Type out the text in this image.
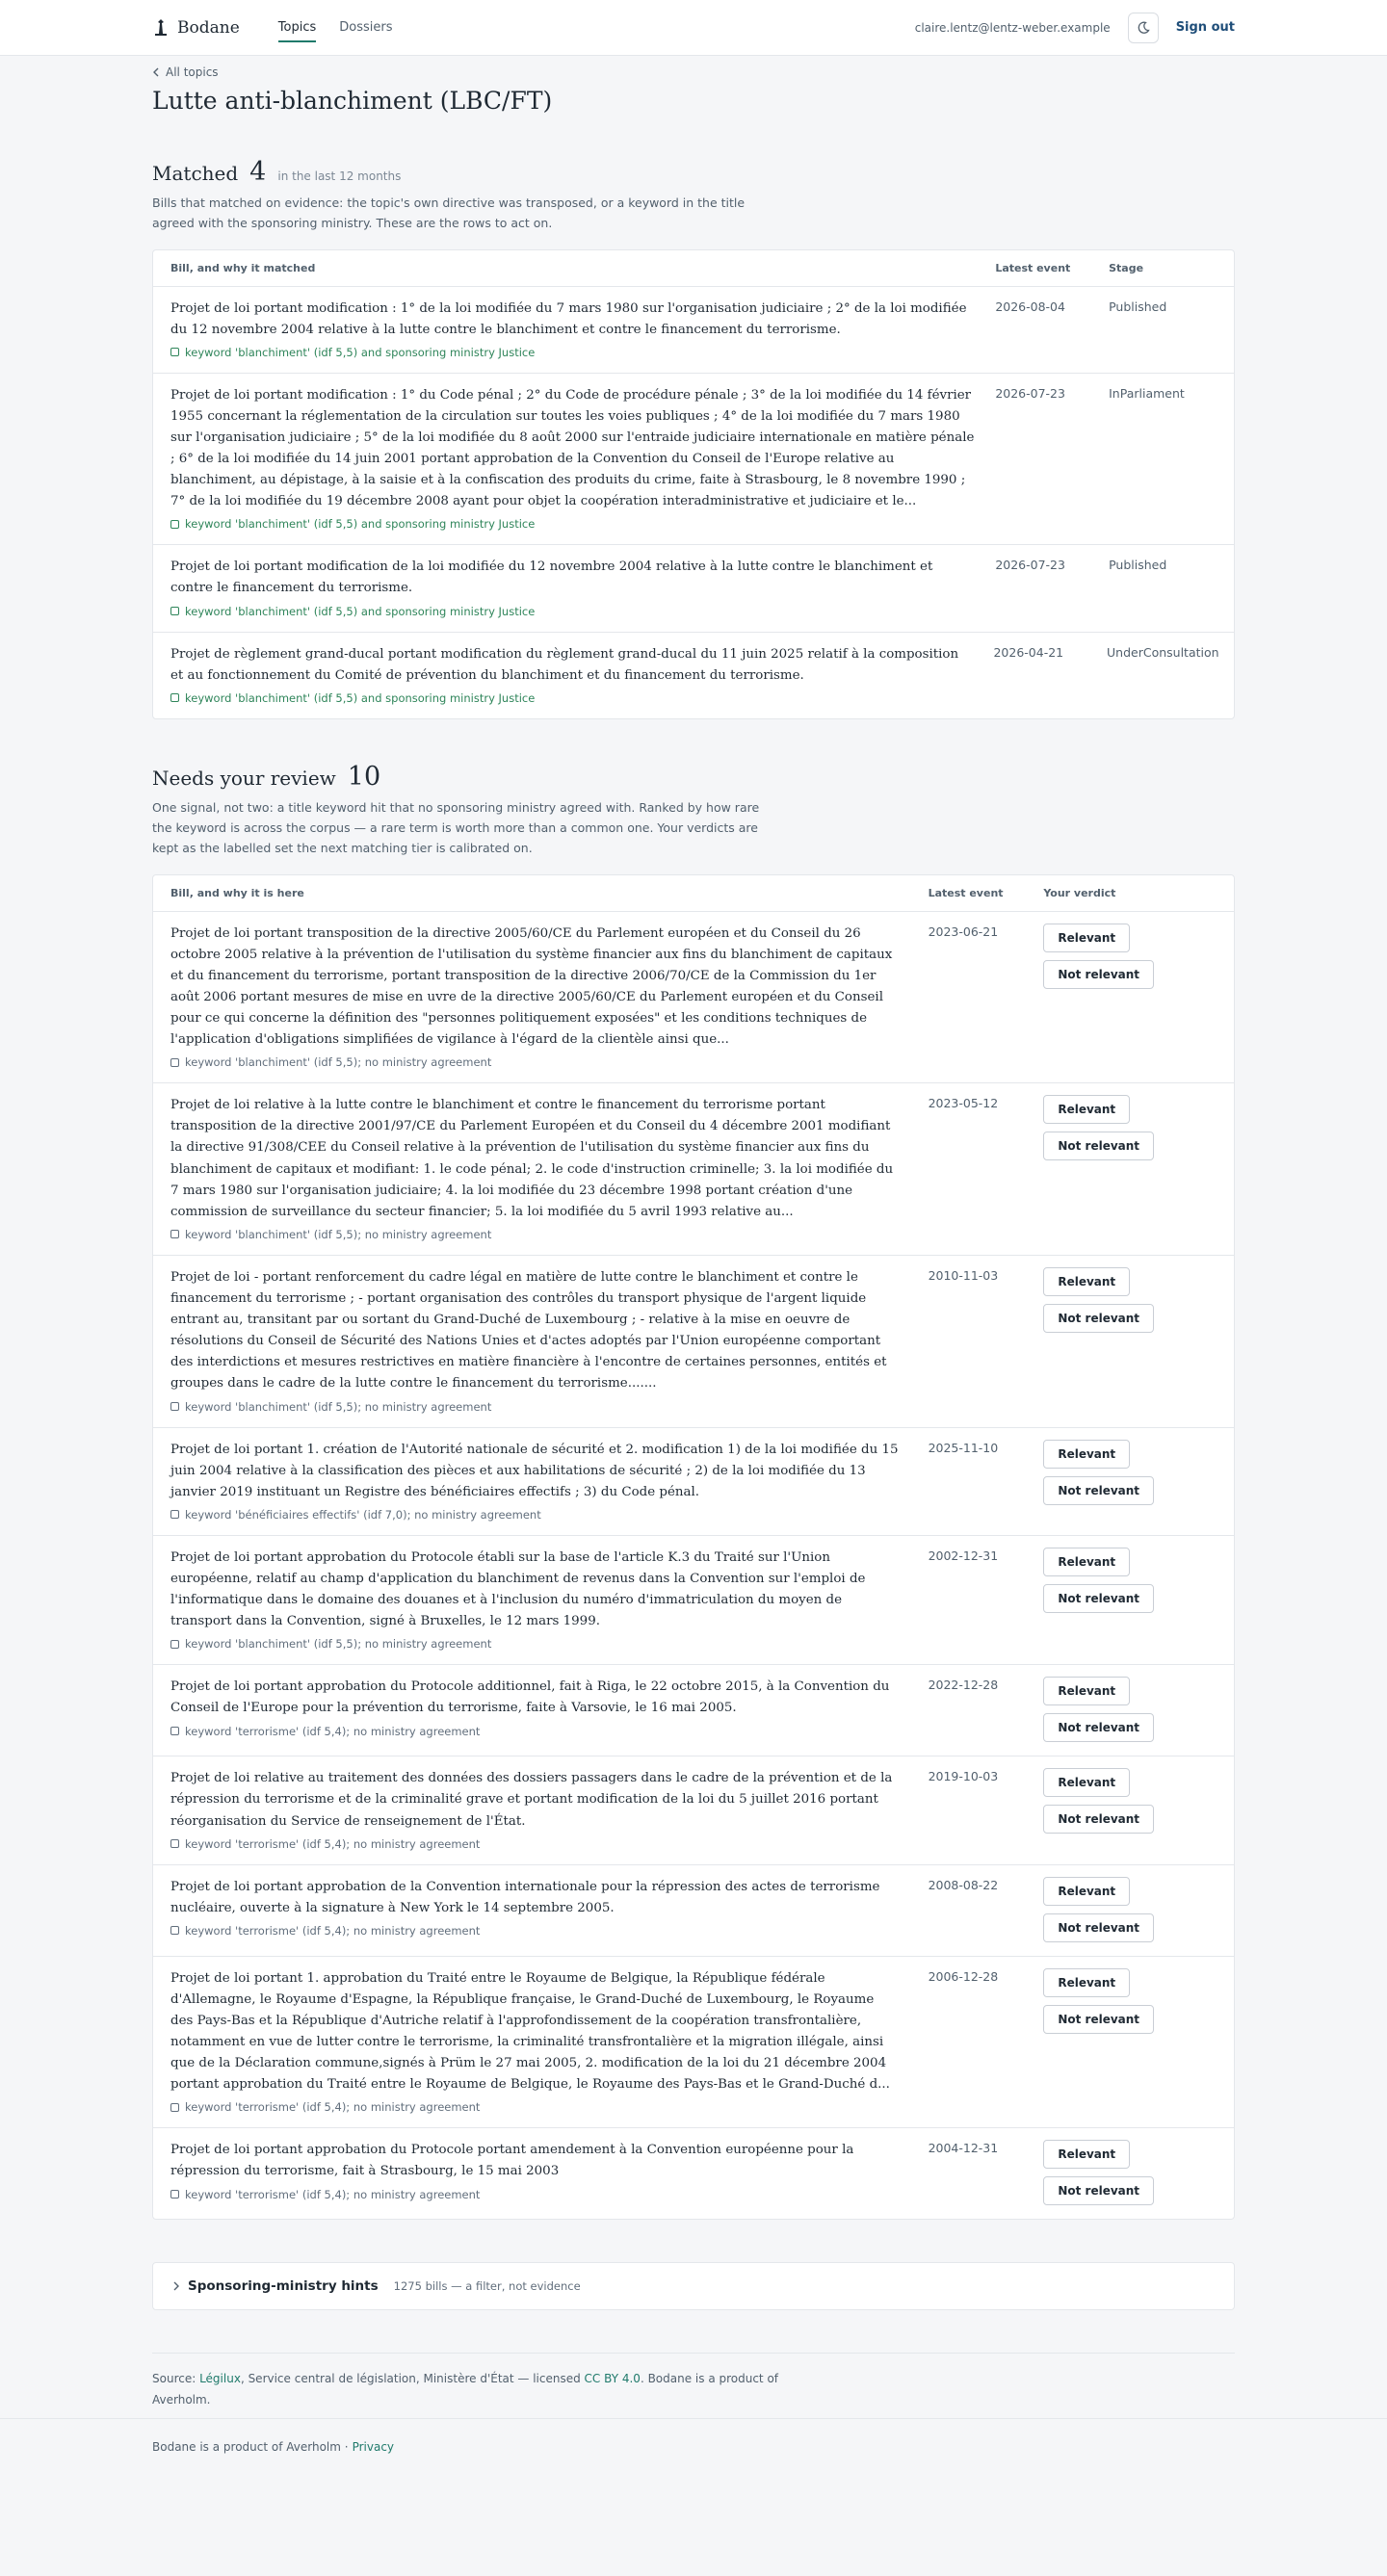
Bodane	Topics Dossiers	claire.lentz@lentz-weber.example	Sign out
All topics
Lutte anti-blanchiment (LBC/FT)
Matched 4 in the last 12 months

Bills that matched on evidence: the topic's own directive was transposed, or a keyword in the title agreed with the sponsoring ministry. These are the rows to act on.

Bill, and why it matched	Latest event	Stage
Projet de loi portant modification : 1° de la loi modifiée du 7 mars 1980 sur l'organisation judiciaire ; 2° de la loi modifiée du 12 novembre 2004 relative à la lutte contre le blanchiment et contre le financement du terrorisme.
keyword 'blanchiment' (idf 5,5) and sponsoring ministry Justice
2026-08-04	Published
Projet de loi portant modification : 1° du Code pénal ; 2° du Code de procédure pénale ; 3° de la loi modifiée du 14 février 1955 concernant la réglementation de la circulation sur toutes les voies publiques ; 4° de la loi modifiée du 7 mars 1980 sur l'organisation judiciaire ; 5° de la loi modifiée du 8 août 2000 sur l'entraide judiciaire internationale en matière pénale ; 6° de la loi modifiée du 14 juin 2001 portant approbation de la Convention du Conseil de l'Europe relative au blanchiment, au dépistage, à la saisie et à la confiscation des produits du crime, faite à Strasbourg, le 8 novembre 1990 ; 7° de la loi modifiée du 19 décembre 2008 ayant pour objet la coopération interadministrative et judiciaire et le...
keyword 'blanchiment' (idf 5,5) and sponsoring ministry Justice
2026-07-23	InParliament
Projet de loi portant modification de la loi modifiée du 12 novembre 2004 relative à la lutte contre le blanchiment et contre le financement du terrorisme.
keyword 'blanchiment' (idf 5,5) and sponsoring ministry Justice
2026-07-23	Published
Projet de règlement grand-ducal portant modification du règlement grand-ducal du 11 juin 2025 relatif à la composition et au fonctionnement du Comité de prévention du blanchiment et du financement du terrorisme.
keyword 'blanchiment' (idf 5,5) and sponsoring ministry Justice
2026-04-21	UnderConsultation
Needs your review 10

One signal, not two: a title keyword hit that no sponsoring ministry agreed with. Ranked by how rare the keyword is across the corpus — a rare term is worth more than a common one. Your verdicts are kept as the labelled set the next matching tier is calibrated on.

Bill, and why it is here	Latest event	Your verdict
Projet de loi portant transposition de la directive 2005/60/CE du Parlement européen et du Conseil du 26 octobre 2005 relative à la prévention de l'utilisation du système financier aux fins du blanchiment de capitaux et du financement du terrorisme, portant transposition de la directive 2006/70/CE de la Commission du 1er août 2006 portant mesures de mise en uvre de la directive 2005/60/CE du Parlement européen et du Conseil pour ce qui concerne la définition des "personnes politiquement exposées" et les conditions techniques de l'application d'obligations simplifiées de vigilance à l'égard de la clientèle ainsi que...
keyword 'blanchiment' (idf 5,5); no ministry agreement
2023-06-21	Relevant
Not relevant
Projet de loi relative à la lutte contre le blanchiment et contre le financement du terrorisme portant transposition de la directive 2001/97/CE du Parlement Européen et du Conseil du 4 décembre 2001 modifiant la directive 91/308/CEE du Conseil relative à la prévention de l'utilisation du système financier aux fins du blanchiment de capitaux et modifiant: 1. le code pénal; 2. le code d'instruction criminelle; 3. la loi modifiée du 7 mars 1980 sur l'organisation judiciaire; 4. la loi modifiée du 23 décembre 1998 portant création d'une commission de surveillance du secteur financier; 5. la loi modifiée du 5 avril 1993 relative au...
keyword 'blanchiment' (idf 5,5); no ministry agreement
2023-05-12	Relevant
Not relevant
Projet de loi - portant renforcement du cadre légal en matière de lutte contre le blanchiment et contre le financement du terrorisme ; - portant organisation des contrôles du transport physique de l'argent liquide entrant au, transitant par ou sortant du Grand-Duché de Luxembourg ; - relative à la mise en oeuvre de résolutions du Conseil de Sécurité des Nations Unies et d'actes adoptés par l'Union européenne comportant des interdictions et mesures restrictives en matière financière à l'encontre de certaines personnes, entités et groupes dans le cadre de la lutte contre le financement du terrorisme.......
keyword 'blanchiment' (idf 5,5); no ministry agreement
2010-11-03	Relevant
Not relevant
Projet de loi portant 1. création de l'Autorité nationale de sécurité et 2. modification 1) de la loi modifiée du 15 juin 2004 relative à la classification des pièces et aux habilitations de sécurité ; 2) de la loi modifiée du 13 janvier 2019 instituant un Registre des bénéficiaires effectifs ; 3) du Code pénal.
keyword 'bénéficiaires effectifs' (idf 7,0); no ministry agreement
2025-11-10	Relevant
Not relevant
Projet de loi portant approbation du Protocole établi sur la base de l'article K.3 du Traité sur l'Union européenne, relatif au champ d'application du blanchiment de revenus dans la Convention sur l'emploi de l'informatique dans le domaine des douanes et à l'inclusion du numéro d'immatriculation du moyen de transport dans la Convention, signé à Bruxelles, le 12 mars 1999.
keyword 'blanchiment' (idf 5,5); no ministry agreement
2002-12-31	Relevant
Not relevant
Projet de loi portant approbation du Protocole additionnel, fait à Riga, le 22 octobre 2015, à la Convention du Conseil de l'Europe pour la prévention du terrorisme, faite à Varsovie, le 16 mai 2005.
keyword 'terrorisme' (idf 5,4); no ministry agreement
2022-12-28	Relevant
Not relevant
Projet de loi relative au traitement des données des dossiers passagers dans le cadre de la prévention et de la répression du terrorisme et de la criminalité grave et portant modification de la loi du 5 juillet 2016 portant réorganisation du Service de renseignement de l'État.
keyword 'terrorisme' (idf 5,4); no ministry agreement
2019-10-03	Relevant
Not relevant
Projet de loi portant approbation de la Convention internationale pour la répression des actes de terrorisme nucléaire, ouverte à la signature à New York le 14 septembre 2005.
keyword 'terrorisme' (idf 5,4); no ministry agreement
2008-08-22	Relevant
Not relevant
Projet de loi portant 1. approbation du Traité entre le Royaume de Belgique, la République fédérale d'Allemagne, le Royaume d'Espagne, la République française, le Grand-Duché de Luxembourg, le Royaume des Pays-Bas et la République d'Autriche relatif à l'approfondissement de la coopération transfrontalière, notamment en vue de lutter contre le terrorisme, la criminalité transfrontalière et la migration illégale, ainsi que de la Déclaration commune,signés à Prüm le 27 mai 2005, 2. modification de la loi du 21 décembre 2004 portant approbation du Traité entre le Royaume de Belgique, le Royaume des Pays-Bas et le Grand-Duché d...
keyword 'terrorisme' (idf 5,4); no ministry agreement
2006-12-28	Relevant
Not relevant
Projet de loi portant approbation du Protocole portant amendement à la Convention européenne pour la répression du terrorisme, fait à Strasbourg, le 15 mai 2003
keyword 'terrorisme' (idf 5,4); no ministry agreement
2004-12-31	Relevant
Not relevant
Sponsoring-ministry hints 1275 bills — a filter, not evidence

Source: Légilux, Service central de législation, Ministère d'État — licensed CC BY 4.0. Bodane is a product of Averholm.

Bodane is a product of Averholm · Privacy
